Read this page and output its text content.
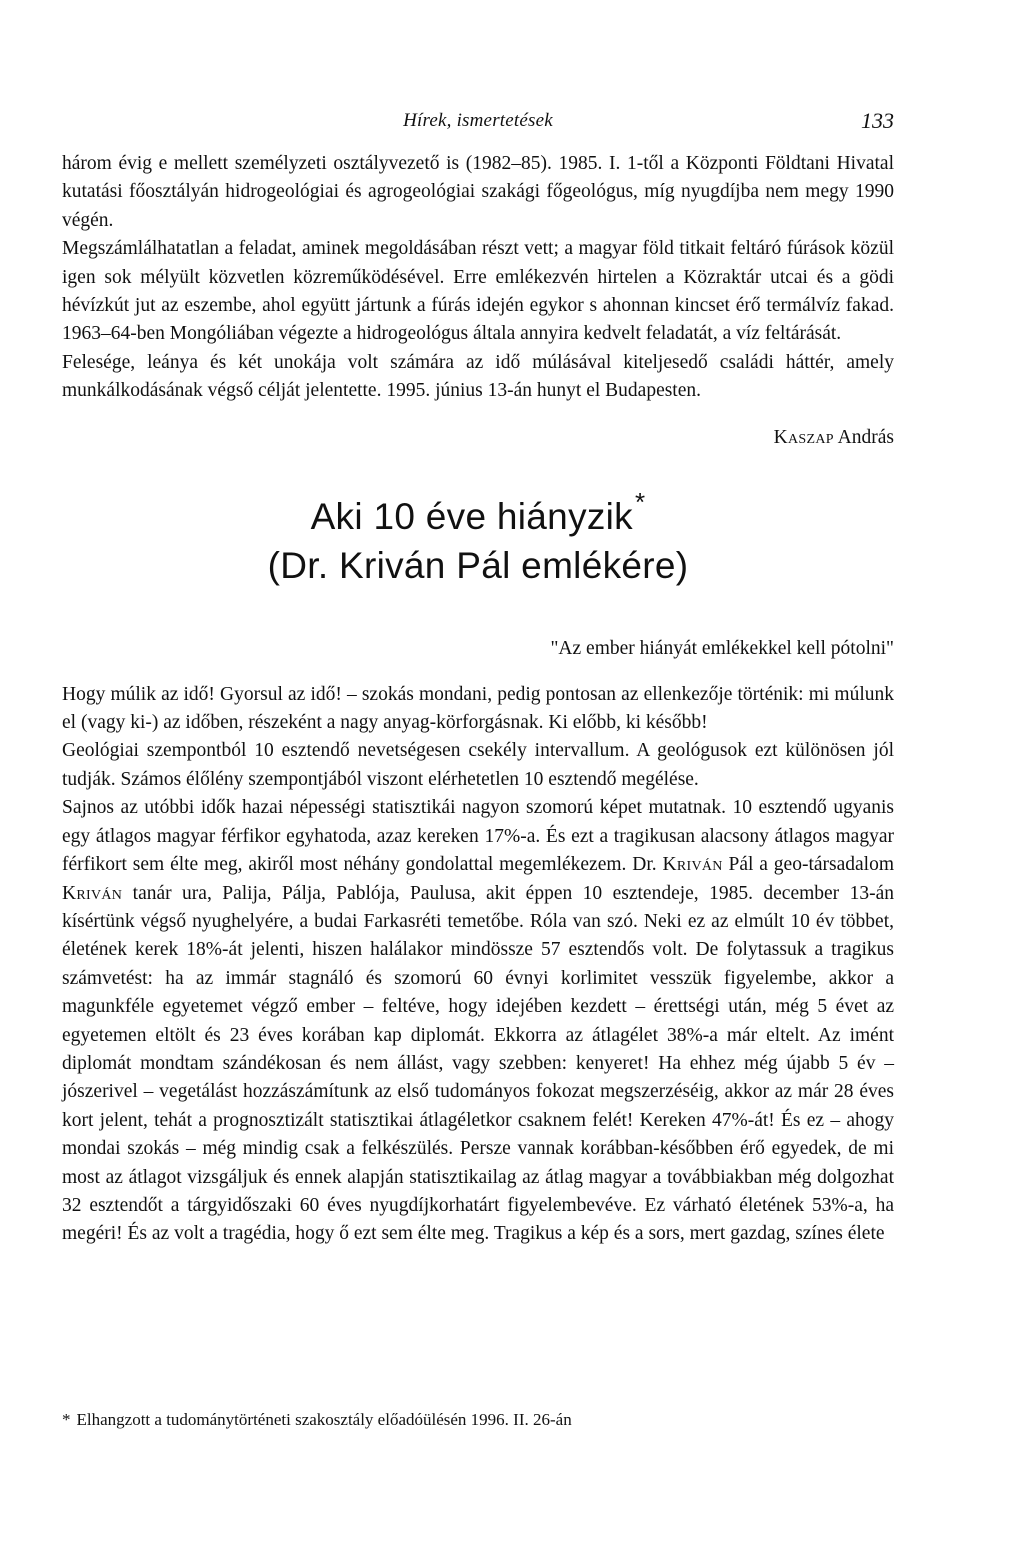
Hírek, ismertetések	133

három évig e mellett személyzeti osztályvezető is (1982–85). 1985. I. 1-től a Központi Földtani Hivatal kutatási főosztályán hidrogeológiai és agrogeológiai szakági főgeológus, míg nyugdíjba nem megy 1990 végén.

Megszámlálhatatlan a feladat, aminek megoldásában részt vett; a magyar föld titkait feltáró fúrások közül igen sok mélyült közvetlen közreműködésével. Erre emlékezvén hirtelen a Közraktár utcai és a gödi hévízkút jut az eszembe, ahol együtt jártunk a fúrás idején egykor s ahonnan kincset érő termálvíz fakad. 1963–64-ben Mongóliában végezte a hidrogeológus általa annyira kedvelt feladatát, a víz feltárását.

Felesége, leánya és két unokája volt számára az idő múlásával kiteljesedő családi háttér, amely munkálkodásának végső célját jelentette. 1995. június 13-án hunyt el Budapesten.

Kaszap András
Aki 10 éve hiányzik*
(Dr. Kriván Pál emlékére)
"Az ember hiányát emlékekkel kell pótolni"

Hogy múlik az idő! Gyorsul az idő! – szokás mondani, pedig pontosan az ellenkezője történik: mi múlunk el (vagy ki-) az időben, részeként a nagy anyag-körforgásnak. Ki előbb, ki később!

Geológiai szempontból 10 esztendő nevetségesen csekély intervallum. A geológusok ezt különösen jól tudják. Számos élőlény szempontjából viszont elérhetetlen 10 esztendő megélése.

Sajnos az utóbbi idők hazai népességi statisztikái nagyon szomorú képet mutatnak. 10 esztendő ugyanis egy átlagos magyar férfikor egyhatoda, azaz kereken 17%-a. És ezt a tragikusan alacsony átlagos magyar férfikort sem élte meg, akiről most néhány gondolattal megemlékezem. Dr. Kriván Pál a geo-társadalom Kriván tanár ura, Palija, Pálja, Pablója, Paulusa, akit éppen 10 esztendeje, 1985. december 13-án kísértünk végső nyughelyére, a budai Farkasréti temetőbe. Róla van szó. Neki ez az elmúlt 10 év többet, életének kerek 18%-át jelenti, hiszen halálakor mindössze 57 esztendős volt. De folytassuk a tragikus számvetést: ha az immár stagnáló és szomorú 60 évnyi korlimitet vesszük figyelembe, akkor a magunkféle egyetemet végző ember – feltéve, hogy idejében kezdett – érettségi után, még 5 évet az egyetemen eltölt és 23 éves korában kap diplomát. Ekkorra az átlagélet 38%-a már eltelt. Az imént diplomát mondtam szándékosan és nem állást, vagy szebben: kenyeret! Ha ehhez még újabb 5 év – jószerivel – vegetálást hozzászámítunk az első tudományos fokozat megszerzéséig, akkor az már 28 éves kort jelent, tehát a prognosztizált statisztikai átlagéletkor csaknem felét! Kereken 47%-át! És ez – ahogy mondai szokás – még mindig csak a felkészülés. Persze vannak korábban-későbben érő egyedek, de mi most az átlagot vizsgáljuk és ennek alapján statisztikailag az átlag magyar a továbbiakban még dolgozhat 32 esztendőt a tárgyidőszaki 60 éves nyugdíjkorhatárt figyelembevéve. Ez várható életének 53%-a, ha megéri! És az volt a tragédia, hogy ő ezt sem élte meg. Tragikus a kép és a sors, mert gazdag, színes élete

* Elhangzott a tudománytörténeti szakosztály előadóülésén 1996. II. 26-án
